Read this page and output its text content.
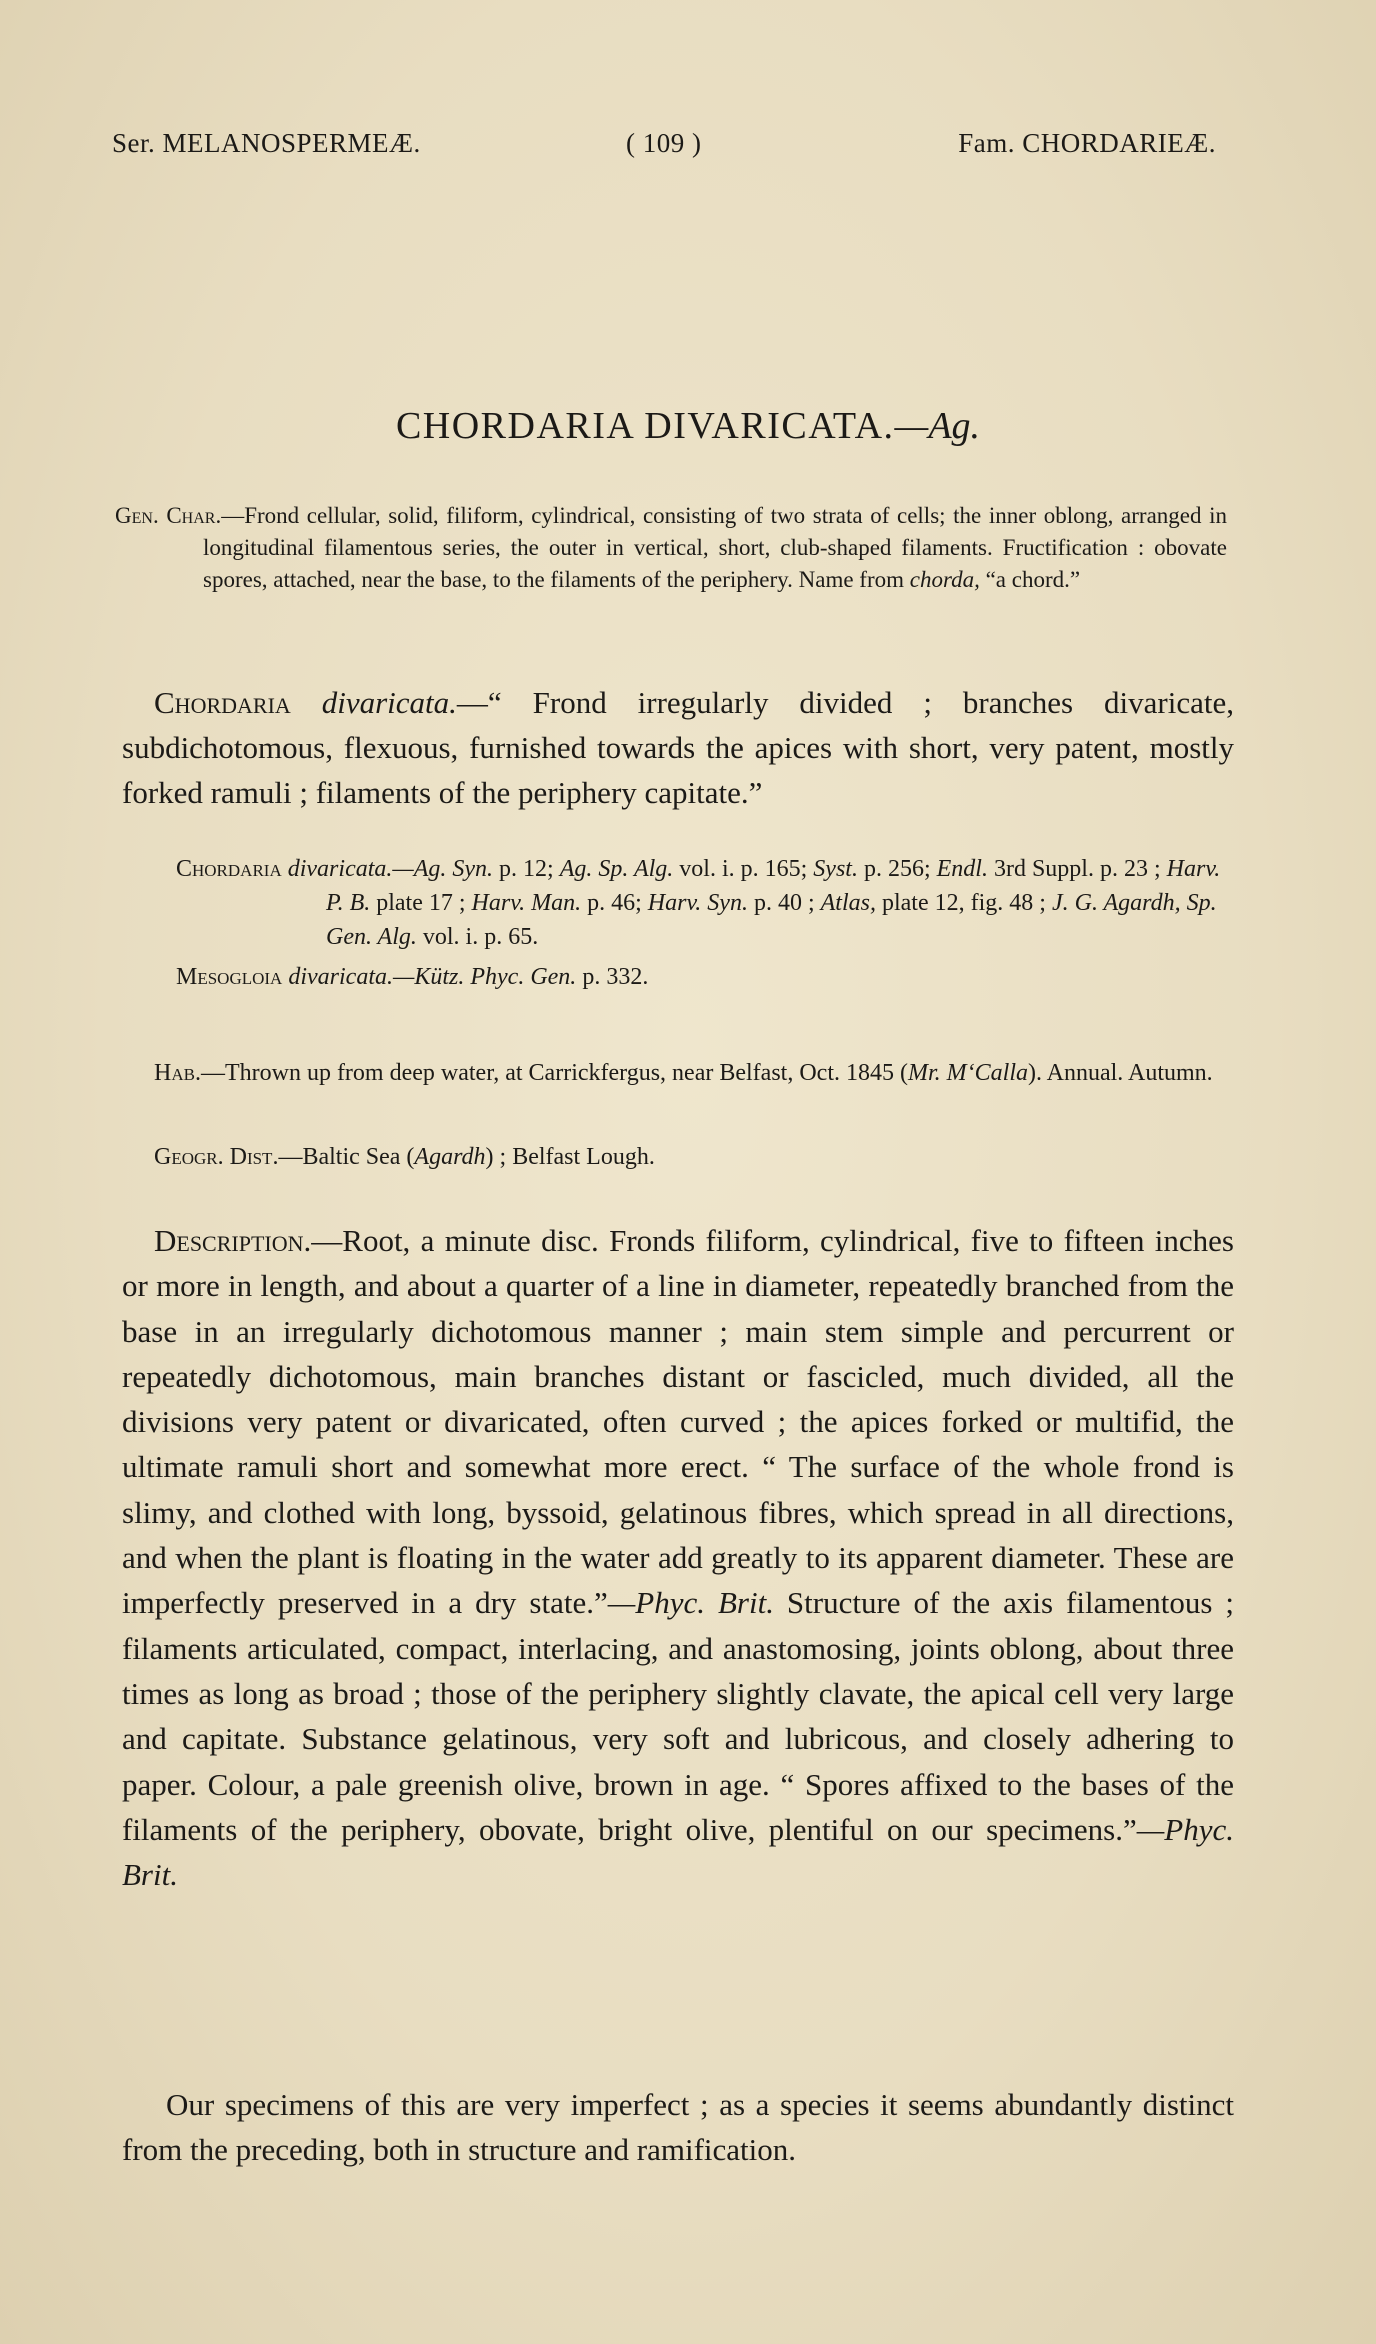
Ser. MELANOSPERMEÆ.	( 109 )	Fam. CHORDARIEÆ.
CHORDARIA DIVARICATA.—Ag.
Gen. Char.—Frond cellular, solid, filiform, cylindrical, consisting of two strata of cells; the inner oblong, arranged in longitudinal filamentous series, the outer in vertical, short, club-shaped filaments. Fructification : obovate spores, attached, near the base, to the filaments of the periphery. Name from chorda, “a chord.”
Chordaria divaricata.—“ Frond irregularly divided ; branches divaricate, subdichotomous, flexuous, furnished towards the apices with short, very patent, mostly forked ramuli ; filaments of the periphery capitate.”
Chordaria divaricata.—Ag. Syn. p. 12; Ag. Sp. Alg. vol. i. p. 165; Syst. p. 256; Endl. 3rd Suppl. p. 23 ; Harv. P. B. plate 17 ; Harv. Man. p. 46; Harv. Syn. p. 40 ; Atlas, plate 12, fig. 48 ; J. G. Agardh, Sp. Gen. Alg. vol. i. p. 65.
Mesogloia divaricata.—Kütz. Phyc. Gen. p. 332.
Hab.—Thrown up from deep water, at Carrickfergus, near Belfast, Oct. 1845 (Mr. M‘Calla). Annual. Autumn.
Geogr. Dist.—Baltic Sea (Agardh) ; Belfast Lough.
Description.—Root, a minute disc. Fronds filiform, cylindrical, five to fifteen inches or more in length, and about a quarter of a line in diameter, repeatedly branched from the base in an irregularly dichotomous manner ; main stem simple and percurrent or repeatedly dichotomous, main branches distant or fascicled, much divided, all the divisions very patent or divaricated, often curved ; the apices forked or multifid, the ultimate ramuli short and somewhat more erect. “ The surface of the whole frond is slimy, and clothed with long, byssoid, gelatinous fibres, which spread in all directions, and when the plant is floating in the water add greatly to its apparent diameter. These are imperfectly preserved in a dry state.”—Phyc. Brit. Structure of the axis filamentous ; filaments articulated, compact, interlacing, and anastomosing, joints oblong, about three times as long as broad ; those of the periphery slightly clavate, the apical cell very large and capitate. Substance gelatinous, very soft and lubricous, and closely adhering to paper. Colour, a pale greenish olive, brown in age. “ Spores affixed to the bases of the filaments of the periphery, obovate, bright olive, plentiful on our specimens.”—Phyc. Brit.
Our specimens of this are very imperfect ; as a species it seems abundantly distinct from the preceding, both in structure and ramification.
